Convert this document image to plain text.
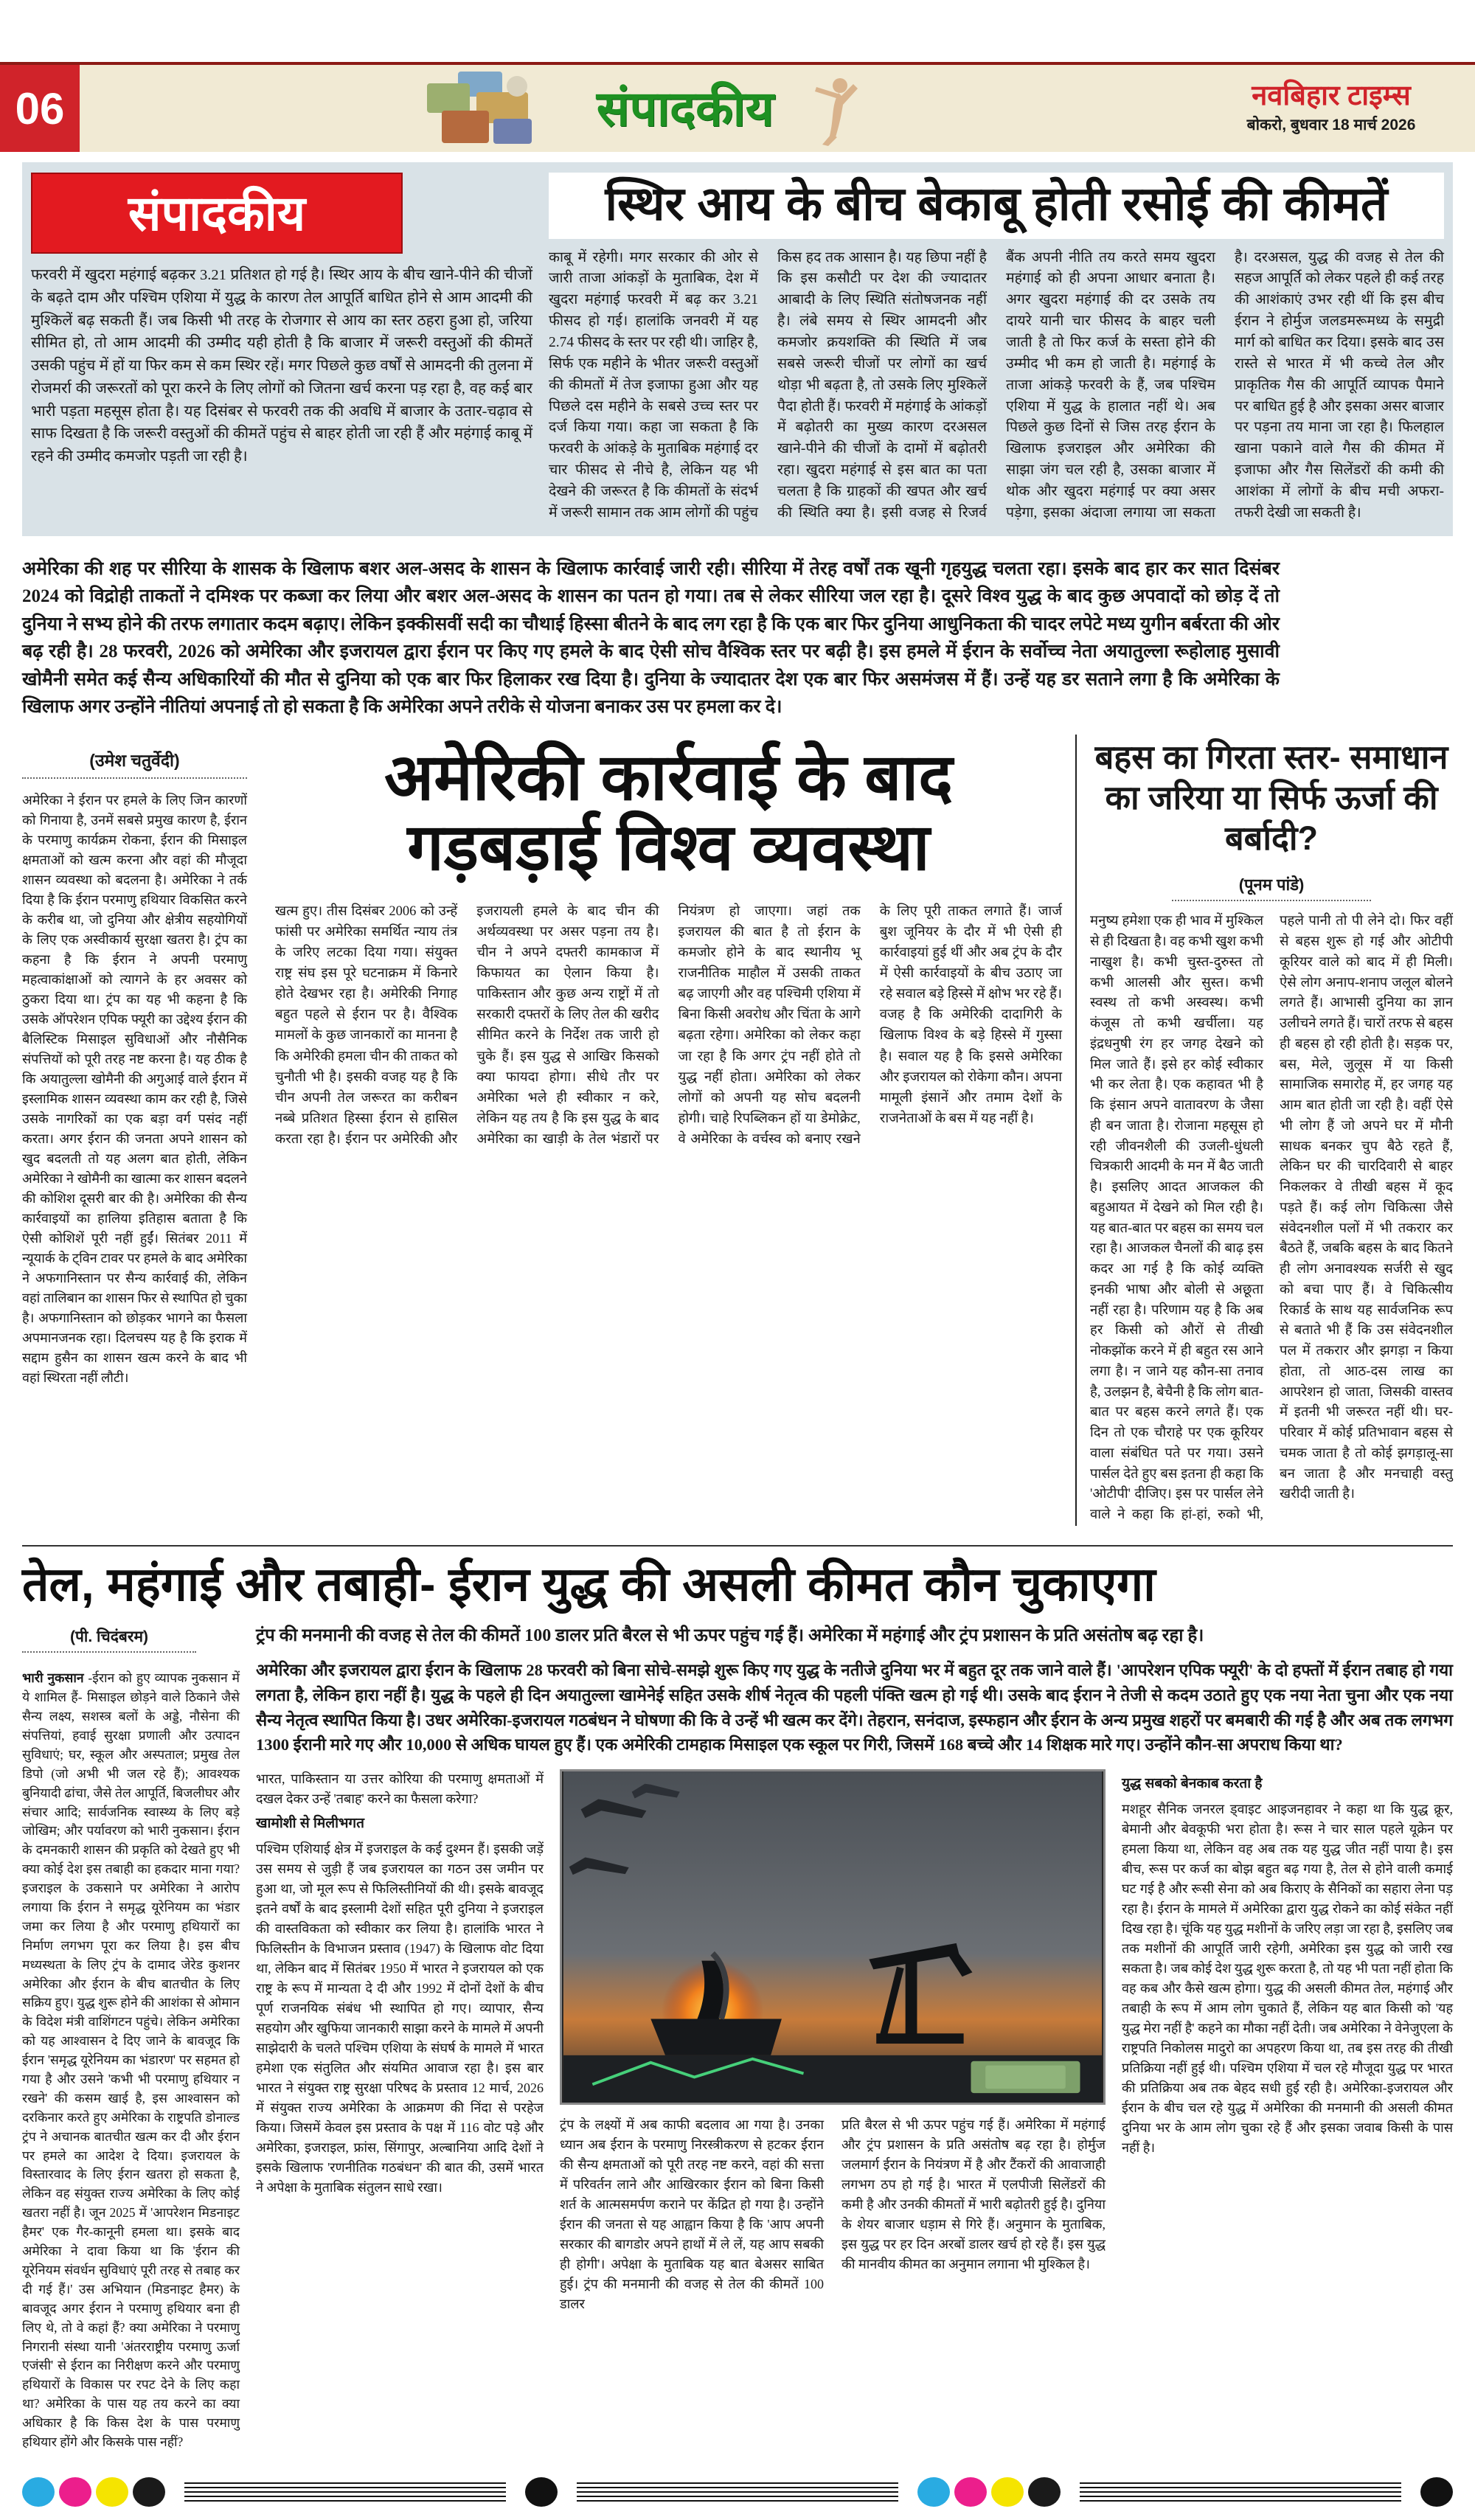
06	संपादकीय	नवबिहार टाइम्स
बोकरो, बुधवार 18 मार्च 2026
संपादकीय
फरवरी में खुदरा महंगाई बढ़कर 3.21 प्रतिशत हो गई है। स्थिर आय के बीच खाने-पीने की चीजों के बढ़ते दाम और पश्चिम एशिया में युद्ध के कारण तेल आपूर्ति बाधित होने से आम आदमी की मुश्किलें बढ़ सकती हैं। जब किसी भी तरह के रोजगार से आय का स्तर ठहरा हुआ हो, जरिया सीमित हो, तो आम आदमी की उम्मीद यही होती है कि बाजार में जरूरी वस्तुओं की कीमतें उसकी पहुंच में हों या फिर कम से कम स्थिर रहें। मगर पिछले कुछ वर्षों से आमदनी की तुलना में रोजमर्रा की जरूरतों को पूरा करने के लिए लोगों को जितना खर्च करना पड़ रहा है, वह कई बार भारी पड़ता महसूस होता है। यह दिसंबर से फरवरी तक की अवधि में बाजार के उतार-चढ़ाव से साफ दिखता है कि जरूरी वस्तुओं की कीमतें पहुंच से बाहर होती जा रही हैं और महंगाई काबू में रहने की उम्मीद कमजोर पड़ती जा रही है।
स्थिर आय के बीच बेकाबू होती रसोई की कीमतें
काबू में रहेगी। मगर सरकार की ओर से जारी ताजा आंकड़ों के मुताबिक, देश में खुदरा महंगाई फरवरी में बढ़ कर 3.21 फीसद हो गई। हालांकि जनवरी में यह 2.74 फीसद के स्तर पर रही थी। जाहिर है, सिर्फ एक महीने के भीतर जरूरी वस्तुओं की कीमतों में तेज इजाफा हुआ और यह पिछले दस महीने के सबसे उच्च स्तर पर दर्ज किया गया। कहा जा सकता है कि फरवरी के आंकड़े के मुताबिक महंगाई दर चार फीसद से नीचे है, लेकिन यह भी देखने की जरूरत है कि कीमतों के संदर्भ में जरूरी सामान तक आम लोगों की पहुंच किस हद तक आसान है। यह छिपा नहीं है कि इस कसौटी पर देश की ज्यादातर आबादी के लिए स्थिति संतोषजनक नहीं है। लंबे समय से स्थिर आमदनी और कमजोर क्रयशक्ति की स्थिति में जब सबसे जरूरी चीजों पर लोगों का खर्च थोड़ा भी बढ़ता है, तो उसके लिए मुश्किलें पैदा होती हैं। फरवरी में महंगाई के आंकड़ों में बढ़ोतरी का मुख्य कारण दरअसल खाने-पीने की चीजों के दामों में बढ़ोतरी रहा। खुदरा महंगाई से इस बात का पता चलता है कि ग्राहकों की खपत और खर्च की स्थिति क्या है। इसी वजह से रिजर्व बैंक अपनी नीति तय करते समय खुदरा महंगाई को ही अपना आधार बनाता है। अगर खुदरा महंगाई की दर उसके तय दायरे यानी चार फीसद के बाहर चली जाती है तो फिर कर्ज के सस्ता होने की उम्मीद भी कम हो जाती है। महंगाई के ताजा आंकड़े फरवरी के हैं, जब पश्चिम एशिया में युद्ध के हालात नहीं थे। अब पिछले कुछ दिनों से जिस तरह ईरान के खिलाफ इजराइल और अमेरिका की साझा जंग चल रही है, उसका बाजार में थोक और खुदरा महंगाई पर क्या असर पड़ेगा, इसका अंदाजा लगाया जा सकता है। दरअसल, युद्ध की वजह से तेल की सहज आपूर्ति को लेकर पहले ही कई तरह की आशंकाएं उभर रही थीं कि इस बीच ईरान ने होर्मुज जलडमरूमध्य के समुद्री मार्ग को बाधित कर दिया। इसके बाद उस रास्ते से भारत में भी कच्चे तेल और प्राकृतिक गैस की आपूर्ति व्यापक पैमाने पर बाधित हुई है और इसका असर बाजार पर पड़ना तय माना जा रहा है। फिलहाल खाना पकाने वाले गैस की कीमत में इजाफा और गैस सिलेंडरों की कमी की आशंका में लोगों के बीच मची अफरा-तफरी देखी जा सकती है।
अमेरिका की शह पर सीरिया के शासक के खिलाफ बशर अल-असद के शासन के खिलाफ कार्रवाई जारी रही। सीरिया में तेरह वर्षों तक खूनी गृहयुद्ध चलता रहा। इसके बाद हार कर सात दिसंबर 2024 को विद्रोही ताकतों ने दमिश्क पर कब्जा कर लिया और बशर अल-असद के शासन का पतन हो गया। तब से लेकर सीरिया जल रहा है। दूसरे विश्व युद्ध के बाद कुछ अपवादों को छोड़ दें तो दुनिया ने सभ्य होने की तरफ लगातार कदम बढ़ाए। लेकिन इक्कीसवीं सदी का चौथाई हिस्सा बीतने के बाद लग रहा है कि एक बार फिर दुनिया आधुनिकता की चादर लपेटे मध्य युगीन बर्बरता की ओर बढ़ रही है। 28 फरवरी, 2026 को अमेरिका और इजरायल द्वारा ईरान पर किए गए हमले के बाद ऐसी सोच वैश्विक स्तर पर बढ़ी है। इस हमले में ईरान के सर्वोच्च नेता अयातुल्ला रूहोलाह मुसावी खोमैनी समेत कई सैन्य अधिकारियों की मौत से दुनिया को एक बार फिर हिलाकर रख दिया है। दुनिया के ज्यादातर देश एक बार फिर असमंजस में हैं। उन्हें यह डर सताने लगा है कि अमेरिका के खिलाफ अगर उन्होंने नीतियां अपनाई तो हो सकता है कि अमेरिका अपने तरीके से योजना बनाकर उस पर हमला कर दे।
(उमेश चतुर्वेदी)
अमेरिका ने ईरान पर हमले के लिए जिन कारणों को गिनाया है, उनमें सबसे प्रमुख कारण है, ईरान के परमाणु कार्यक्रम रोकना, ईरान की मिसाइल क्षमताओं को खत्म करना और वहां की मौजूदा शासन व्यवस्था को बदलना है। अमेरिका ने तर्क दिया है कि ईरान परमाणु हथियार विकसित करने के करीब था, जो दुनिया और क्षेत्रीय सहयोगियों के लिए एक अस्वीकार्य सुरक्षा खतरा है। ट्रंप का कहना है कि ईरान ने अपनी परमाणु महत्वाकांक्षाओं को त्यागने के हर अवसर को ठुकरा दिया था। ट्रंप का यह भी कहना है कि उसके ऑपरेशन एपिक फ्यूरी का उद्देश्य ईरान की बैलिस्टिक मिसाइल सुविधाओं और नौसैनिक संपत्तियों को पूरी तरह नष्ट करना है। यह ठीक है कि अयातुल्ला खोमैनी की अगुआई वाले ईरान में इस्लामिक शासन व्यवस्था काम कर रही है, जिसे उसके नागरिकों का एक बड़ा वर्ग पसंद नहीं करता। अगर ईरान की जनता अपने शासन को खुद बदलती तो यह अलग बात होती, लेकिन अमेरिका ने खोमैनी का खात्मा कर शासन बदलने की कोशिश दूसरी बार की है। अमेरिका की सैन्य कार्रवाइयों का हालिया इतिहास बताता है कि ऐसी कोशिशें पूरी नहीं हुईं। सितंबर 2011 में न्यूयार्क के ट्विन टावर पर हमले के बाद अमेरिका ने अफगानिस्तान पर सैन्य कार्रवाई की, लेकिन वहां तालिबान का शासन फिर से स्थापित हो चुका है। अफगानिस्तान को छोड़कर भागने का फैसला अपमानजनक रहा। दिलचस्प यह है कि इराक में सद्दाम हुसैन का शासन खत्म करने के बाद भी वहां स्थिरता नहीं लौटी।
अमेरिकी कार्रवाई के बाद
गड़बड़ाई विश्व व्यवस्था
खत्म हुए। तीस दिसंबर 2006 को उन्हें फांसी पर अमेरिका समर्थित न्याय तंत्र के जरिए लटका दिया गया। संयुक्त राष्ट्र संघ इस पूरे घटनाक्रम में किनारे होते देखभर रहा है। अमेरिकी निगाह बहुत पहले से ईरान पर है। वैश्विक मामलों के कुछ जानकारों का मानना है कि अमेरिकी हमला चीन की ताकत को चुनौती भी है। इसकी वजह यह है कि चीन अपनी तेल जरूरत का करीबन नब्बे प्रतिशत हिस्सा ईरान से हासिल करता रहा है। ईरान पर अमेरिकी और इजरायली हमले के बाद चीन की अर्थव्यवस्था पर असर पड़ना तय है। चीन ने अपने दफ्तरी कामकाज में किफायत का ऐलान किया है। पाकिस्तान और कुछ अन्य राष्ट्रों में तो सरकारी दफ्तरों के लिए तेल की खरीद सीमित करने के निर्देश तक जारी हो चुके हैं। इस युद्ध से आखिर किसको क्या फायदा होगा। सीधे तौर पर अमेरिका भले ही स्वीकार न करे, लेकिन यह तय है कि इस युद्ध के बाद अमेरिका का खाड़ी के तेल भंडारों पर नियंत्रण हो जाएगा। जहां तक इजरायल की बात है तो ईरान के कमजोर होने के बाद स्थानीय भू राजनीतिक माहौल में उसकी ताकत बढ़ जाएगी और वह पश्चिमी एशिया में बिना किसी अवरोध और चिंता के आगे बढ़ता रहेगा। अमेरिका को लेकर कहा जा रहा है कि अगर ट्रंप नहीं होते तो युद्ध नहीं होता। अमेरिका को लेकर लोगों को अपनी यह सोच बदलनी होगी। चाहे रिपब्लिकन हों या डेमोक्रेट, वे अमेरिका के वर्चस्व को बनाए रखने के लिए पूरी ताकत लगाते हैं। जार्ज बुश जूनियर के दौर में भी ऐसी ही कार्रवाइयां हुई थीं और अब ट्रंप के दौर में ऐसी कार्रवाइयों के बीच उठाए जा रहे सवाल बड़े हिस्से में क्षोभ भर रहे हैं। वजह है कि अमेरिकी दादागिरी के खिलाफ विश्व के बड़े हिस्से में गुस्सा है। सवाल यह है कि इससे अमेरिका और इजरायल को रोकेगा कौन। अपना मामूली इंसानें और तमाम देशों के राजनेताओं के बस में यह नहीं है।
बहस का गिरता स्तर- समाधान का जरिया या सिर्फ ऊर्जा की बर्बादी?
(पूनम पांडे)
मनुष्य हमेशा एक ही भाव में मुश्किल से ही दिखता है। वह कभी खुश कभी नाखुश है। कभी चुस्त-दुरुस्त तो कभी आलसी और सुस्त। कभी स्वस्थ तो कभी अस्वस्थ। कभी कंजूस तो कभी खर्चीला। यह इंद्रधनुषी रंग हर जगह देखने को मिल जाते हैं। इसे हर कोई स्वीकार भी कर लेता है। एक कहावत भी है कि इंसान अपने वातावरण के जैसा ही बन जाता है। रोजाना महसूस हो रही जीवनशैली की उजली-धुंधली चित्रकारी आदमी के मन में बैठ जाती है। इसलिए आदत आजकल की बहुआयत में देखने को मिल रही है। यह बात-बात पर बहस का समय चल रहा है। आजकल चैनलों की बाढ़ इस कदर आ गई है कि कोई व्यक्ति इनकी भाषा और बोली से अछूता नहीं रहा है। परिणाम यह है कि अब हर किसी को औरों से तीखी नोकझोंक करने में ही बहुत रस आने लगा है। न जाने यह कौन-सा तनाव है, उलझन है, बेचैनी है कि लोग बात-बात पर बहस करने लगते हैं। एक दिन तो एक चौराहे पर एक कूरियर वाला संबंधित पते पर गया। उसने पार्सल देते हुए बस इतना ही कहा कि 'ओटीपी' दीजिए। इस पर पार्सल लेने वाले ने कहा कि हां-हां, रुको भी, पहले पानी तो पी लेने दो। फिर वहीं से बहस शुरू हो गई और ओटीपी कूरियर वाले को बाद में ही मिली। ऐसे लोग अनाप-शनाप जलूल बोलने लगते हैं। आभासी दुनिया का ज्ञान उलीचने लगते हैं। चारों तरफ से बहस ही बहस हो रही होती है। सड़क पर, बस, मेले, जुलूस में या किसी सामाजिक समारोह में, हर जगह यह आम बात होती जा रही है। वहीं ऐसे भी लोग हैं जो अपने घर में मौनी साधक बनकर चुप बैठे रहते हैं, लेकिन घर की चारदिवारी से बाहर निकलकर वे तीखी बहस में कूद पड़ते हैं। कई लोग चिकित्सा जैसे संवेदनशील पलों में भी तकरार कर बैठते हैं, जबकि बहस के बाद कितने ही लोग अनावश्यक सर्जरी से खुद को बचा पाए हैं। वे चिकित्सीय रिकार्ड के साथ यह सार्वजनिक रूप से बताते भी हैं कि उस संवेदनशील पल में तकरार और झगड़ा न किया होता, तो आठ-दस लाख का आपरेशन हो जाता, जिसकी वास्तव में इतनी भी जरूरत नहीं थी। घर-परिवार में कोई प्रतिभावान बहस से चमक जाता है तो कोई झगड़ालू-सा बन जाता है और मनचाही वस्तु खरीदी जाती है।
तेल, महंगाई और तबाही- ईरान युद्ध की असली कीमत कौन चुकाएगा
(पी. चिदंबरम)
भारी नुकसान -ईरान को हुए व्यापक नुकसान में ये शामिल हैं- मिसाइल छोड़ने वाले ठिकाने जैसे सैन्य लक्ष्य, सशस्त्र बलों के अड्डे, नौसेना की संपत्तियां, हवाई सुरक्षा प्रणाली और उत्पादन सुविधाएं; घर, स्कूल और अस्पताल; प्रमुख तेल डिपो (जो अभी भी जल रहे हैं); आवश्यक बुनियादी ढांचा, जैसे तेल आपूर्ति, बिजलीघर और संचार आदि; सार्वजनिक स्वास्थ्य के लिए बड़े जोखिम; और पर्यावरण को भारी नुकसान। ईरान के दमनकारी शासन की प्रकृति को देखते हुए भी क्या कोई देश इस तबाही का हकदार माना गया? इजराइल के उकसाने पर अमेरिका ने आरोप लगाया कि ईरान ने समृद्ध यूरेनियम का भंडार जमा कर लिया है और परमाणु हथियारों का निर्माण लगभग पूरा कर लिया है। इस बीच मध्यस्थता के लिए ट्रंप के दामाद जेरेड कुशनर अमेरिका और ईरान के बीच बातचीत के लिए सक्रिय हुए। युद्ध शुरू होने की आशंका से ओमान के विदेश मंत्री वाशिंगटन पहुंचे। लेकिन अमेरिका को यह आश्वासन दे दिए जाने के बावजूद कि ईरान 'समृद्ध यूरेनियम का भंडारण' पर सहमत हो गया है और उसने 'कभी भी परमाणु हथियार न रखने' की कसम खाई है, इस आश्वासन को दरकिनार करते हुए अमेरिका के राष्ट्रपति डोनाल्ड ट्रंप ने अचानक बातचीत खत्म कर दी और ईरान पर हमले का आदेश दे दिया। इजरायल के विस्तारवाद के लिए ईरान खतरा हो सकता है, लेकिन वह संयुक्त राज्य अमेरिका के लिए कोई खतरा नहीं है। जून 2025 में 'आपरेशन मिडनाइट हैमर' एक गैर-कानूनी हमला था। इसके बाद अमेरिका ने दावा किया था कि 'ईरान की यूरेनियम संवर्धन सुविधाएं पूरी तरह से तबाह कर दी गई हैं।' उस अभियान (मिडनाइट हैमर) के बावजूद अगर ईरान ने परमाणु हथियार बना ही लिए थे, तो वे कहां हैं? क्या अमेरिका ने परमाणु निगरानी संस्था यानी 'अंतरराष्ट्रीय परमाणु ऊर्जा एजंसी' से ईरान का निरीक्षण करने और परमाणु हथियारों के विकास पर रपट देने के लिए कहा था? अमेरिका के पास यह तय करने का क्या अधिकार है कि किस देश के पास परमाणु हथियार होंगे और किसके पास नहीं?
ट्रंप की मनमानी की वजह से तेल की कीमतें 100 डालर प्रति बैरल से भी ऊपर पहुंच गई हैं। अमेरिका में महंगाई और ट्रंप प्रशासन के प्रति असंतोष बढ़ रहा है।
अमेरिका और इजरायल द्वारा ईरान के खिलाफ 28 फरवरी को बिना सोचे-समझे शुरू किए गए युद्ध के नतीजे दुनिया भर में बहुत दूर तक जाने वाले हैं। 'आपरेशन एपिक फ्यूरी' के दो हफ्तों में ईरान तबाह हो गया लगता है, लेकिन हारा नहीं है। युद्ध के पहले ही दिन अयातुल्ला खामेनेई सहित उसके शीर्ष नेतृत्व की पहली पंक्ति खत्म हो गई थी। उसके बाद ईरान ने तेजी से कदम उठाते हुए एक नया नेता चुना और एक नया सैन्य नेतृत्व स्थापित किया है। उधर अमेरिका-इजरायल गठबंधन ने घोषणा की कि वे उन्हें भी खत्म कर देंगे। तेहरान, सनंदाज, इस्फहान और ईरान के अन्य प्रमुख शहरों पर बमबारी की गई है और अब तक लगभग 1300 ईरानी मारे गए और 10,000 से अधिक घायल हुए हैं। एक अमेरिकी टामहाक मिसाइल एक स्कूल पर गिरी, जिसमें 168 बच्चे और 14 शिक्षक मारे गए। उन्होंने कौन-सा अपराध किया था?
भारत, पाकिस्तान या उत्तर कोरिया की परमाणु क्षमताओं में दखल देकर उन्हें 'तबाह' करने का फैसला करेगा?
खामोशी से मिलीभगत
पश्चिम एशियाई क्षेत्र में इजराइल के कई दुश्मन हैं। इसकी जड़ें उस समय से जुड़ी हैं जब इजरायल का गठन उस जमीन पर हुआ था, जो मूल रूप से फिलिस्तीनियों की थी। इसके बावजूद इतने वर्षों के बाद इस्लामी देशों सहित पूरी दुनिया ने इजराइल की वास्तविकता को स्वीकार कर लिया है। हालांकि भारत ने फिलिस्तीन के विभाजन प्रस्ताव (1947) के खिलाफ वोट दिया था, लेकिन बाद में सितंबर 1950 में भारत ने इजरायल को एक राष्ट्र के रूप में मान्यता दे दी और 1992 में दोनों देशों के बीच पूर्ण राजनयिक संबंध भी स्थापित हो गए। व्यापार, सैन्य सहयोग और खुफिया जानकारी साझा करने के मामले में अपनी साझेदारी के चलते पश्चिम एशिया के संघर्ष के मामले में भारत हमेशा एक संतुलित और संयमित आवाज रहा है। इस बार भारत ने संयुक्त राष्ट्र सुरक्षा परिषद के प्रस्ताव 12 मार्च, 2026 में संयुक्त राज्य अमेरिका के आक्रमण की निंदा से परहेज किया। जिसमें केवल इस प्रस्ताव के पक्ष में 116 वोट पड़े और अमेरिका, इजराइल, फ्रांस, सिंगापुर, अल्बानिया आदि देशों ने इसके खिलाफ 'रणनीतिक गठबंधन' की बात की, उसमें भारत ने अपेक्षा के मुताबिक संतुलन साधे रखा।
ट्रंप के लक्ष्यों में अब काफी बदलाव आ गया है। उनका ध्यान अब ईरान के परमाणु निरस्त्रीकरण से हटकर ईरान की सैन्य क्षमताओं को पूरी तरह नष्ट करने, वहां की सत्ता में परिवर्तन लाने और आखिरकार ईरान को बिना किसी शर्त के आत्मसमर्पण कराने पर केंद्रित हो गया है। उन्होंने ईरान की जनता से यह आह्वान किया है कि 'आप अपनी सरकार की बागडोर अपने हाथों में ले लें, यह आप सबकी ही होगी'। अपेक्षा के मुताबिक यह बात बेअसर साबित हुई। ट्रंप की मनमानी की वजह से तेल की कीमतें 100 डालर
प्रति बैरल से भी ऊपर पहुंच गई हैं। अमेरिका में महंगाई और ट्रंप प्रशासन के प्रति असंतोष बढ़ रहा है। होर्मुज जलमार्ग ईरान के नियंत्रण में है और टैंकरों की आवाजाही लगभग ठप हो गई है। भारत में एलपीजी सिलेंडरों की कमी है और उनकी कीमतों में भारी बढ़ोतरी हुई है। दुनिया के शेयर बाजार धड़ाम से गिरे हैं। अनुमान के मुताबिक, इस युद्ध पर हर दिन अरबों डालर खर्च हो रहे हैं। इस युद्ध की मानवीय कीमत का अनुमान लगाना भी मुश्किल है।
युद्ध सबको बेनकाब करता है
मशहूर सैनिक जनरल ड्वाइट आइजनहावर ने कहा था कि युद्ध क्रूर, बेमानी और बेवकूफी भरा होता है। रूस ने चार साल पहले यूक्रेन पर हमला किया था, लेकिन वह अब तक यह युद्ध जीत नहीं पाया है। इस बीच, रूस पर कर्ज का बोझ बहुत बढ़ गया है, तेल से होने वाली कमाई घट गई है और रूसी सेना को अब किराए के सैनिकों का सहारा लेना पड़ रहा है। ईरान के मामले में अमेरिका द्वारा युद्ध रोकने का कोई संकेत नहीं दिख रहा है। चूंकि यह युद्ध मशीनों के जरिए लड़ा जा रहा है, इसलिए जब तक मशीनों की आपूर्ति जारी रहेगी, अमेरिका इस युद्ध को जारी रख सकता है। जब कोई देश युद्ध शुरू करता है, तो यह भी पता नहीं होता कि वह कब और कैसे खत्म होगा। युद्ध की असली कीमत तेल, महंगाई और तबाही के रूप में आम लोग चुकाते हैं, लेकिन यह बात किसी को 'यह युद्ध मेरा नहीं है' कहने का मौका नहीं देती। जब अमेरिका ने वेनेजुएला के राष्ट्रपति निकोलस मादुरो का अपहरण किया था, तब इस तरह की तीखी प्रतिक्रिया नहीं हुई थी। पश्चिम एशिया में चल रहे मौजूदा युद्ध पर भारत की प्रतिक्रिया अब तक बेहद सधी हुई रही है। अमेरिका-इजरायल और ईरान के बीच चल रहे युद्ध में अमेरिका की मनमानी की असली कीमत दुनिया भर के आम लोग चुका रहे हैं और इसका जवाब किसी के पास नहीं है।
